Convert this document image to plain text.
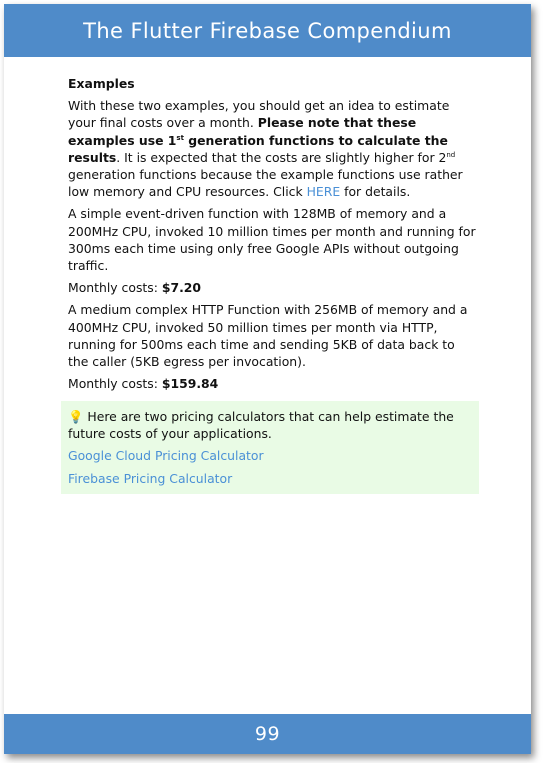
The Flutter Firebase Compendium
Examples

With these two examples, you should get an idea to estimate your final costs over a month. Please note that these examples use 1st generation functions to calculate the results. It is expected that the costs are slightly higher for 2nd generation functions because the example functions use rather low memory and CPU resources. Click HERE for details.

A simple event-driven function with 128MB of memory and a 200MHz CPU, invoked 10 million times per month and running for 300ms each time using only free Google APIs without outgoing traffic.

Monthly costs: $7.20

A medium complex HTTP Function with 256MB of memory and a 400MHz CPU, invoked 50 million times per month via HTTP, running for 500ms each time and sending 5KB of data back to the caller (5KB egress per invocation).

Monthly costs: $159.84

💡 Here are two pricing calculators that can help estimate the future costs of your applications.

Google Cloud Pricing Calculator

Firebase Pricing Calculator

99
